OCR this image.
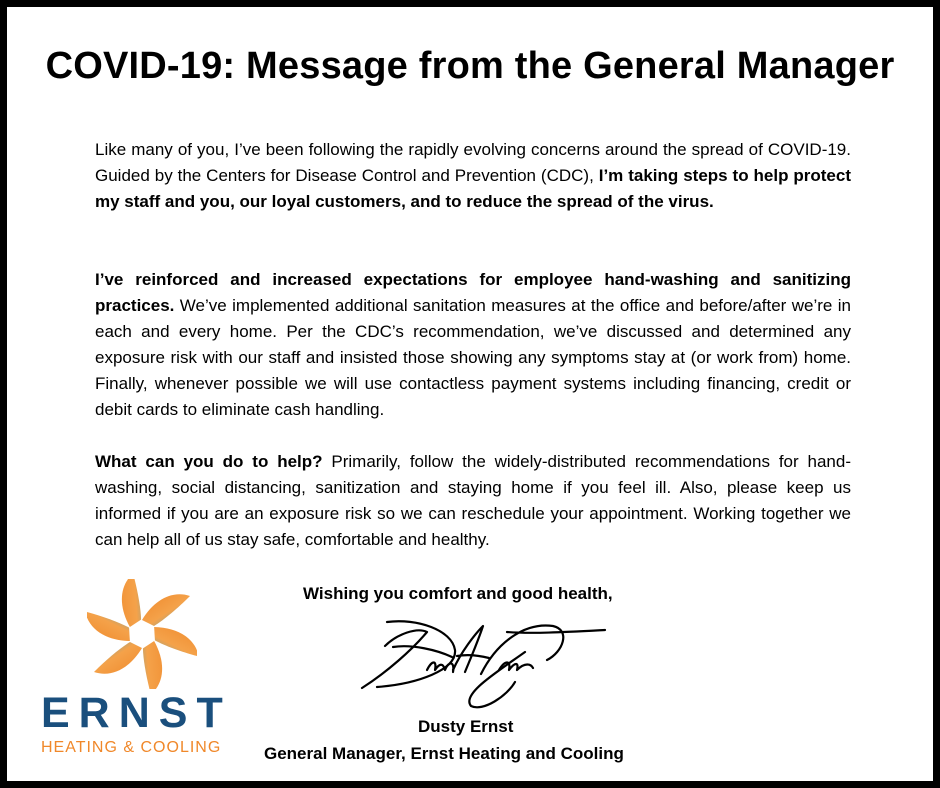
COVID-19: Message from the General Manager
Like many of you, I’ve been following the rapidly evolving concerns around the spread of COVID-19. Guided by the Centers for Disease Control and Prevention (CDC), I’m taking steps to help protect my staff and you, our loyal customers, and to reduce the spread of the virus.
I’ve reinforced and increased expectations for employee hand-washing and sanitizing practices. We’ve implemented additional sanitation measures at the office and before/after we’re in each and every home. Per the CDC’s recommendation, we’ve discussed and determined any exposure risk with our staff and insisted those showing any symptoms stay at (or work from) home. Finally, whenever possible we will use contactless payment systems including financing, credit or debit cards to eliminate cash handling.
What can you do to help? Primarily, follow the widely-distributed recommendations for hand-washing, social distancing, sanitization and staying home if you feel ill. Also, please keep us informed if you are an exposure risk so we can reschedule your appointment. Working together we can help all of us stay safe, comfortable and healthy.
Wishing you comfort and good health,
Dusty Ernst
General Manager, Ernst Heating and Cooling
ERNST
HEATING & COOLING
